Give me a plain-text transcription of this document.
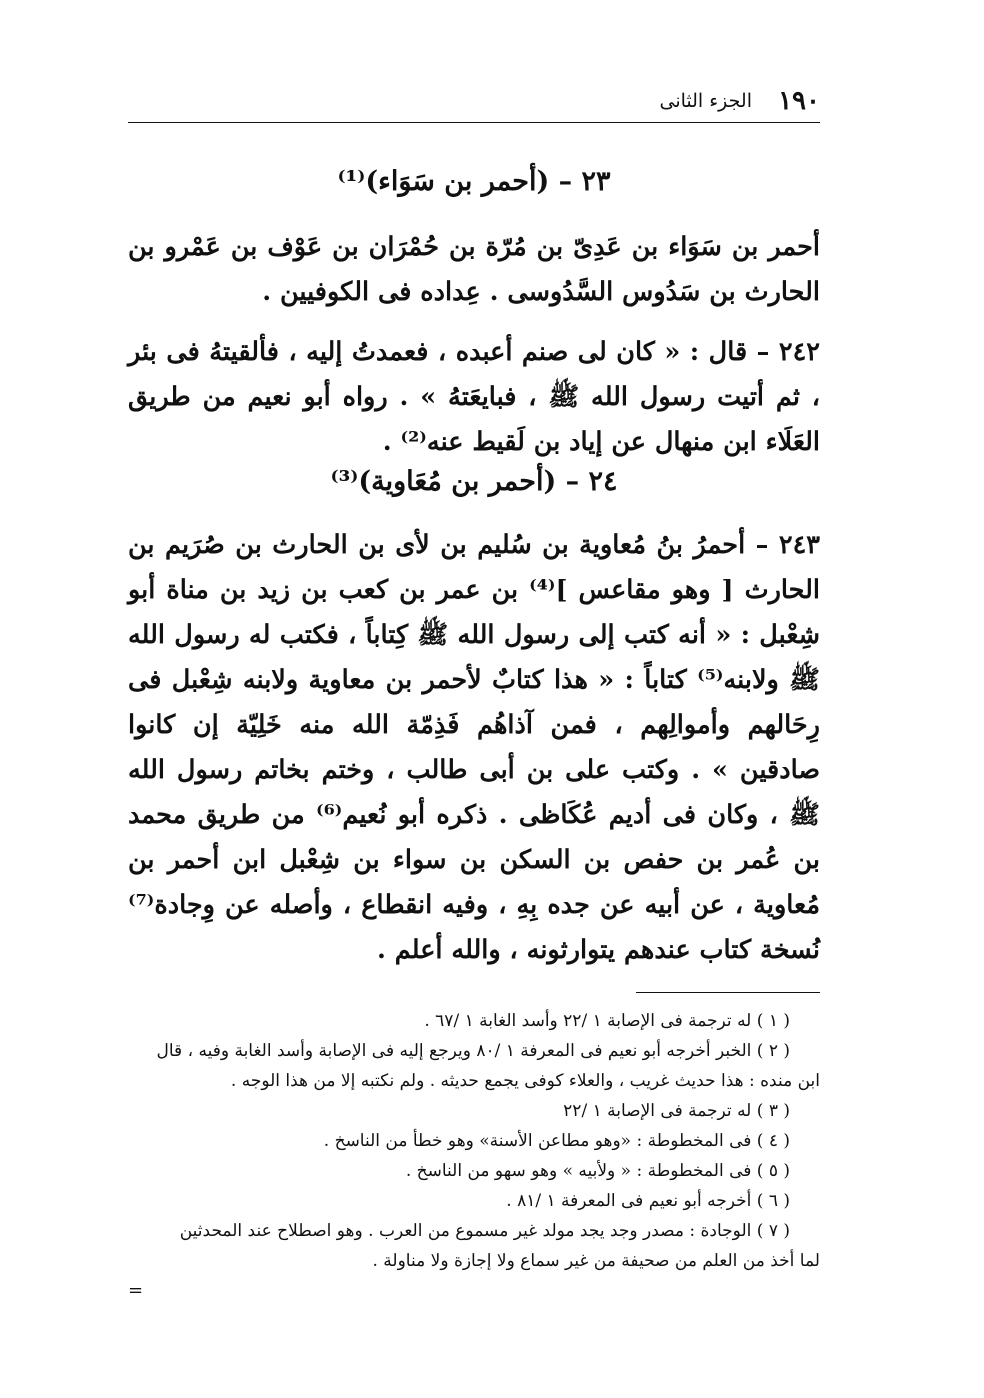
١٩٠
الجزء الثانى
٢٣ – (أحمر بن سَوَاء)⁽¹⁾
أحمر بن سَوَاء بن عَدِىّ بن مُرّة بن حُمْرَان بن عَوْف بن عَمْرو بن الحارث بن سَدُوس السَّدُوسى . عِداده فى الكوفيين .
٢٤٢ – قال : « كان لى صنم أعبده ، فعمدتُ إليه ، فألقيتهُ فى بئر ، ثم أتيت رسول الله ﷺ ، فبايعَتهُ » . رواه أبو نعيم من طريق العَلَاء ابن منهال عن إياد بن لَقيط عنه⁽²⁾ .
٢٤ – (أحمر بن مُعَاوية)⁽³⁾
٢٤٣ – أحمرُ بنُ مُعاوية بن سُليم بن لأى بن الحارث بن صُرَيم بن الحارث [ وهو مقاعس ]⁽⁴⁾ بن عمر بن كعب بن زيد بن مناة أبو شِعْبل : « أنه كتب إلى رسول الله ﷺ كِتاباً ، فكتب له رسول الله ﷺ ولابنه⁽⁵⁾ كتاباً : « هذا كتابٌ لأحمر بن معاوية ولابنه شِعْبل فى رِحَالهم وأموالِهم ، فمن آذاهُم فَذِمّة الله منه خَلِيّة إن كانوا صادقين » . وكتب على بن أبى طالب ، وختم بخاتم رسول الله ﷺ ، وكان فى أديم عُكَاظى . ذكره أبو نُعيم⁽⁶⁾ من طريق محمد بن عُمر بن حفص بن السكن بن سواء بن شِعْبل ابن أحمر بن مُعاوية ، عن أبيه عن جده بِهِ ، وفيه انقطاع ، وأصله عن وِجادة⁽⁷⁾ نُسخة كتاب عندهم يتوارثونه ، والله أعلم .
( ١ ) له ترجمة فى الإصابة ١ /٢٢ وأسد الغابة ١ /٦٧ .
( ٢ ) الخبر أخرجه أبو نعيم فى المعرفة ١ /٨٠ ويرجع إليه فى الإصابة وأسد الغابة وفيه ، قال
ابن منده : هذا حديث غريب ، والعلاء كوفى يجمع حديثه . ولم نكتبه إلا من هذا الوجه .
( ٣ ) له ترجمة فى الإصابة ١ /٢٢
( ٤ ) فى المخطوطة : «وهو مطاعن الأسنة» وهو خطأ من الناسخ .
( ٥ ) فى المخطوطة : « ولأبيه » وهو سهو من الناسخ .
( ٦ ) أخرجه أبو نعيم فى المعرفة ١ /٨١ .
( ٧ ) الوجادة : مصدر وجد يجد مولد غير مسموع من العرب . وهو اصطلاح عند المحدثين
لما أخذ من العلم من صحيفة من غير سماع ولا إجازة ولا مناولة .
=
